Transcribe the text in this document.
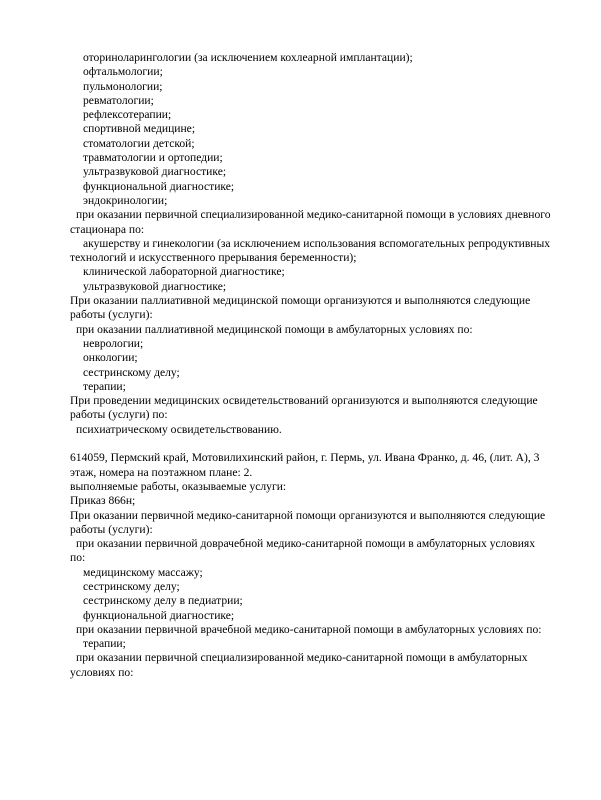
оториноларингологии (за исключением кохлеарной имплантации);
офтальмологии;
пульмонологии;
ревматологии;
рефлексотерапии;
спортивной медицине;
стоматологии детской;
травматологии и ортопедии;
ультразвуковой диагностике;
функциональной диагностике;
эндокринологии;
при оказании первичной специализированной медико-санитарной помощи в условиях дневного
стационара по:
акушерству и гинекологии (за исключением использования вспомогательных репродуктивных
технологий и искусственного прерывания беременности);
клинической лабораторной диагностике;
ультразвуковой диагностике;
При оказании паллиативной медицинской помощи организуются и выполняются следующие
работы (услуги):
при оказании паллиативной медицинской помощи в амбулаторных условиях по:
неврологии;
онкологии;
сестринскому делу;
терапии;
При проведении медицинских освидетельствований организуются и выполняются следующие
работы (услуги) по:
психиатрическому освидетельствованию.
614059, Пермский край, Мотовилихинский район, г. Пермь, ул. Ивана Франко, д. 46, (лит. А), 3
этаж, номера на поэтажном плане: 2.
выполняемые работы, оказываемые услуги:
Приказ 866н;
При оказании первичной медико-санитарной помощи организуются и выполняются следующие
работы (услуги):
при оказании первичной доврачебной медико-санитарной помощи в амбулаторных условиях
по:
медицинскому массажу;
сестринскому делу;
сестринскому делу в педиатрии;
функциональной диагностике;
при оказании первичной врачебной медико-санитарной помощи в амбулаторных условиях по:
терапии;
при оказании первичной специализированной медико-санитарной помощи в амбулаторных
условиях по:
